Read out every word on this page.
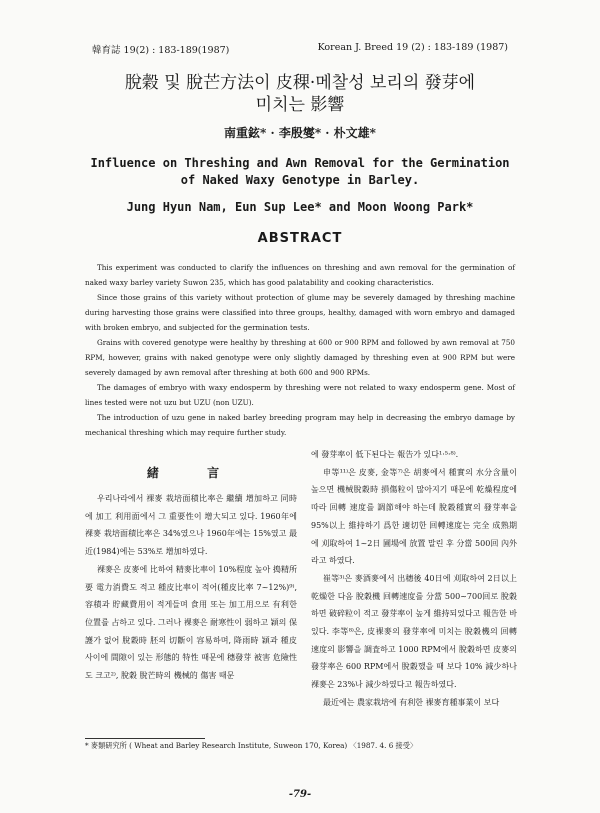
韓育誌 19(2) : 183-189(1987)	Korean J. Breed 19 (2) : 183-189 (1987)
脫穀 및 脫芒方法이 皮稞·메찰성 보리의 發芽에
미치는 影響
南重鉉* · 李殷燮* · 朴文雄*
Influence on Threshing and Awn Removal for the Germination
of Naked Waxy Genotype in Barley.
Jung Hyun Nam, Eun Sup Lee* and Moon Woong Park*
ABSTRACT

This experiment was conducted to clarify the influences on threshing and awn removal for the germination of naked waxy barley variety Suwon 235, which has good palatability and cooking characteristics.

Since those grains of this variety without protection of glume may be severely damaged by threshing machine during harvesting those grains were classified into three groups, healthy, damaged with worn embryo and damaged with broken embryo, and subjected for the germination tests.

Grains with covered genotype were healthy by threshing at 600 or 900 RPM and followed by awn removal at 750 RPM, however, grains with naked genotype were only slightly damaged by threshing even at 900 RPM but were severely damaged by awn removal after threshing at both 600 and 900 RPMs.

The damages of embryo with waxy endosperm by threshing were not related to waxy endosperm gene. Most of lines tested were not uzu but UZU (non UZU).

The introduction of uzu gene in naked barley breeding program may help in decreasing the embryo damage by mechanical threshing which may require further study.

緒 言

우리나라에서 裸麥 栽培面積比率은 繼續 增加하고 同時에 加工 利用面에서 그 重要性이 增大되고 있다. 1960年에 裸麥 栽培面積比率은 34%였으나 1960年에는 15%였고 最近(1984)에는 53%로 增加하였다.

裸麥은 皮麥에 比하여 精麥比率이 10%程度 높아 搗精所要 電力消費도 적고 種皮比率이 적어(種皮比率 7~12%)⁹⁾, 容積과 貯藏費用이 적게들며 食用 또는 加工用으로 有利한 位置를 占하고 있다. 그러나 裸麥은 耐寒性이 弱하고 穎의 保護가 없어 脫穀時 胚의 切斷이 容易하며, 降雨時 穎과 種皮사이에 間隙이 있는 形態的 特性 때문에 穗發芽 被害 危險性도 크고²⁾, 脫穀 脫芒時의 機械的 傷害 때문

에 發芽率이 低下된다는 報告가 있다¹·⁵·⁸⁾.

申等¹¹⁾은 皮麥, 金等⁷⁾은 胡麥에서 種實의 水分含量이 높으면 機械脫穀時 損傷粒이 많아지기 때문에 乾燥程度에 따라 回轉 速度를 調節해야 하는데 脫穀種實의 發芽率을 95%以上 維持하기 爲한 適切한 回轉速度는 完全 成熟期에 刈取하여 1~2日 圃場에 放置 말린 후 分當 500回 內外라고 하였다.

崔等³⁾은 麥酒麥에서 出穗後 40日에 刈取하여 2日以上 乾燥한 다음 脫穀機 回轉速度를 分當 500~700回로 脫穀하면 破碎粒이 적고 發芽率이 높게 維持되었다고 報告한 바 있다. 李等⁸⁾은, 皮裸麥의 發芽率에 미치는 脫穀機의 回轉速度의 影響을 調査하고 1000 RPM에서 脫穀하면 皮麥의 發芽率은 600 RPM에서 脫穀했을 때 보다 10% 減少하나 裸麥은 23%나 減少하였다고 報告하였다.

最近에는 農家栽培에 有利한 裸麥育種事業이 보다

* 麥類硏究所 ( Wheat and Barley Research Institute, Suweon 170, Korea) 〈1987. 4. 6 接受〉
-79-
